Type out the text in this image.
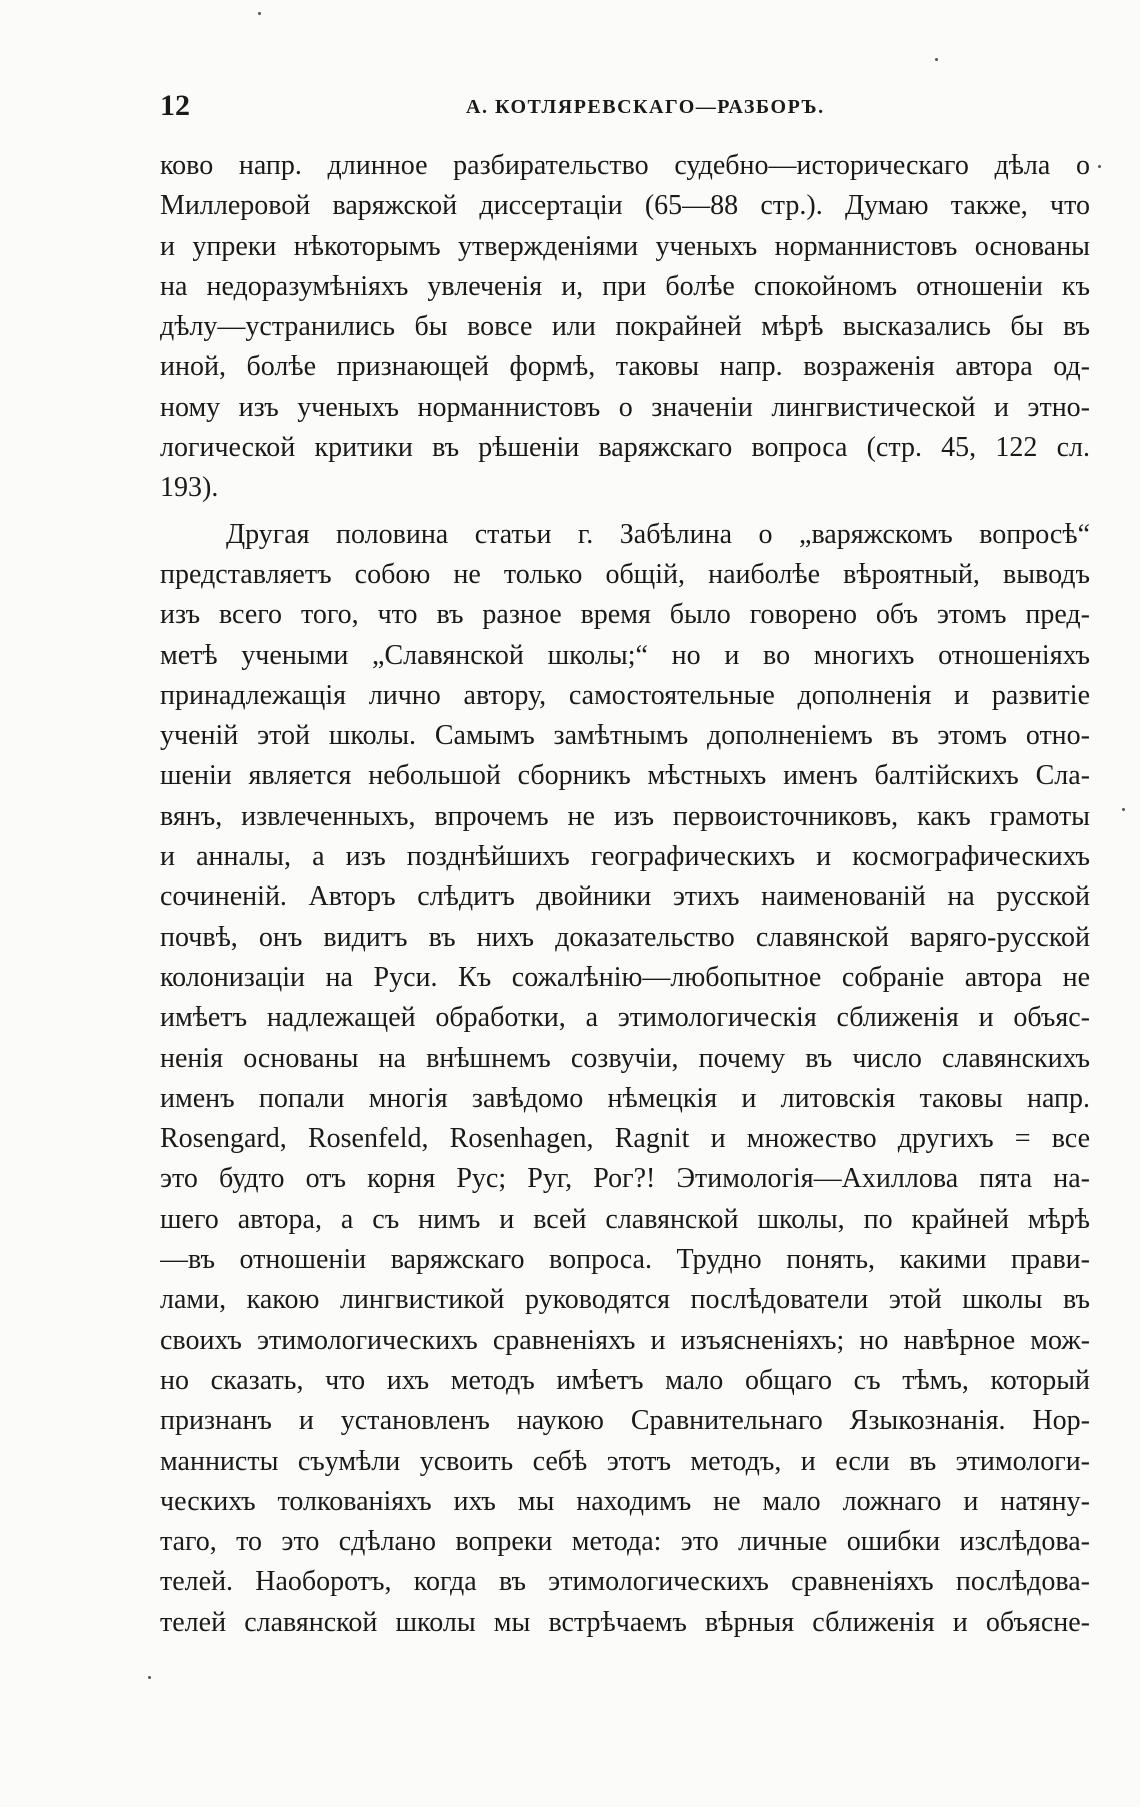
12	А. КОТЛЯРЕВСКАГО—РАЗБОРЪ.
ково напр. длинное разбирательство судебно—историческаго дѣла о
Миллеровой варяжской диссертаціи (65—88 стр.). Думаю также, что
и упреки нѣкоторымъ утвержденіями ученыхъ норманнистовъ основаны
на недоразумѣніяхъ увлеченія и, при болѣе спокойномъ отношеніи къ
дѣлу—устранились бы вовсе или покрайней мѣрѣ высказались бы въ
иной, болѣе признающей формѣ, таковы напр. возраженія автора од-
ному изъ ученыхъ норманнистовъ о значеніи лингвистической и этно-
логической критики въ рѣшеніи варяжскаго вопроса (стр. 45, 122 сл.
193).
Другая половина статьи г. Забѣлина о „варяжскомъ вопросѣ“
представляетъ собою не только общій, наиболѣе вѣроятный, выводъ
изъ всего того, что въ разное время было говорено объ этомъ пред-
метѣ учеными „Славянской школы;“ но и во многихъ отношеніяхъ
принадлежащія лично автору, самостоятельные дополненія и развитіе
ученій этой школы. Самымъ замѣтнымъ дополненіемъ въ этомъ отно-
шеніи является небольшой сборникъ мѣстныхъ именъ балтійскихъ Сла-
вянъ, извлеченныхъ, впрочемъ не изъ первоисточниковъ, какъ грамоты
и анналы, а изъ позднѣйшихъ географическихъ и космографическихъ
сочиненій. Авторъ слѣдитъ двойники этихъ наименованій на русской
почвѣ, онъ видитъ въ нихъ доказательство славянской варяго-русской
колонизаціи на Руси. Къ сожалѣнію—любопытное собраніе автора не
имѣетъ надлежащей обработки, а этимологическія сближенія и объяс-
ненія основаны на внѣшнемъ созвучіи, почему въ число славянскихъ
именъ попали многія завѣдомо нѣмецкія и литовскія таковы напр.
Rosengard, Rosenfeld, Rosenhagen, Ragnit и множество другихъ = все
это будто отъ корня Рус; Руг, Рог?! Этимологія—Ахиллова пята на-
шего автора, а съ нимъ и всей славянской школы, по крайней мѣрѣ
—въ отношеніи варяжскаго вопроса. Трудно понять, какими прави-
лами, какою лингвистикой руководятся послѣдователи этой школы въ
своихъ этимологическихъ сравненіяхъ и изъясненіяхъ; но навѣрное мож-
но сказать, что ихъ методъ имѣетъ мало общаго съ тѣмъ, который
признанъ и установленъ наукою Сравнительнаго Языкознанія. Нор-
маннисты съумѣли усвоить себѣ этотъ методъ, и если въ этимологи-
ческихъ толкованіяхъ ихъ мы находимъ не мало ложнаго и натяну-
таго, то это сдѣлано вопреки метода: это личные ошибки изслѣдова-
телей. Наоборотъ, когда въ этимологическихъ сравненіяхъ послѣдова-
телей славянской школы мы встрѣчаемъ вѣрныя сближенія и объясне-
